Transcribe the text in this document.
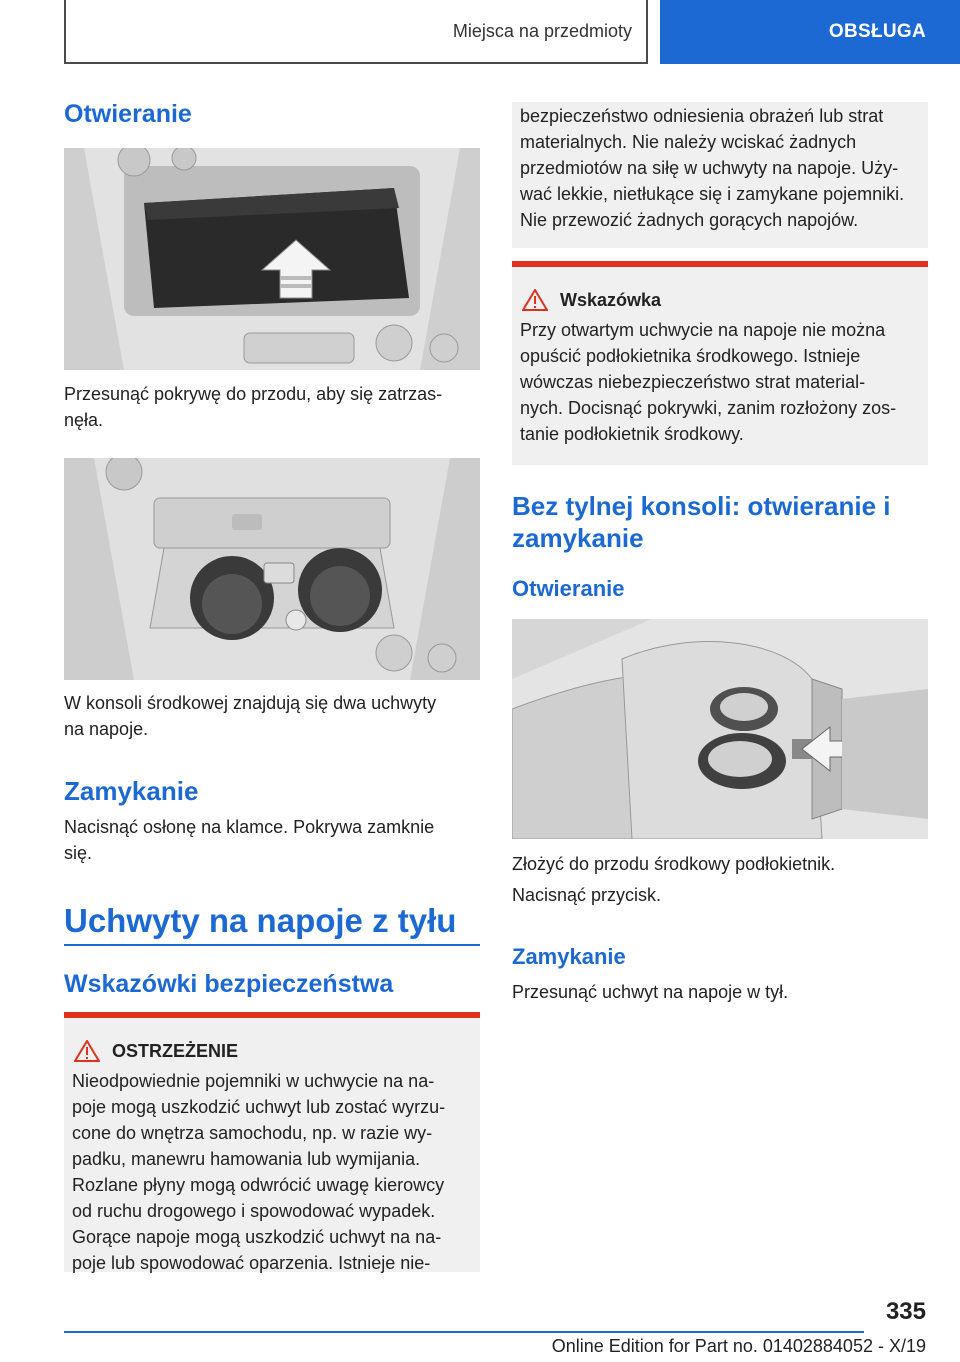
Miejsca na przedmioty	OBSŁUGA
Otwieranie

Przesunąć pokrywę do przodu, aby się zatrzas-
nęła.

W konsoli środkowej znajdują się dwa uchwyty
na napoje.

Zamykanie

Nacisnąć osłonę na klamce. Pokrywa zamknie
się.

Uchwyty na napoje z tyłu
Wskazówki bezpieczeństwa
OSTRZEŻENIE

Nieodpowiednie pojemniki w uchwycie na na-
poje mogą uszkodzić uchwyt lub zostać wyrzu-
cone do wnętrza samochodu, np. w razie wy-
padku, manewru hamowania lub wymijania.
Rozlane płyny mogą odwrócić uwagę kierowcy
od ruchu drogowego i spowodować wypadek.
Gorące napoje mogą uszkodzić uchwyt na na-
poje lub spowodować oparzenia. Istnieje nie-

bezpieczeństwo odniesienia obrażeń lub strat
materialnych. Nie należy wciskać żadnych
przedmiotów na siłę w uchwyty na napoje. Uży-
wać lekkie, nietłukące się i zamykane pojemniki.
Nie przewozić żadnych gorących napojów.

Wskazówka

Przy otwartym uchwycie na napoje nie można
opuścić podłokietnika środkowego. Istnieje
wówczas niebezpieczeństwo strat material-
nych. Docisnąć pokrywki, zanim rozłożony zos-
tanie podłokietnik środkowy.

Bez tylnej konsoli: otwieranie i
zamykanie
Otwieranie

Złożyć do przodu środkowy podłokietnik.

Nacisnąć przycisk.

Zamykanie

Przesunąć uchwyt na napoje w tył.

335
Online Edition for Part no. 01402884052 - X/19
